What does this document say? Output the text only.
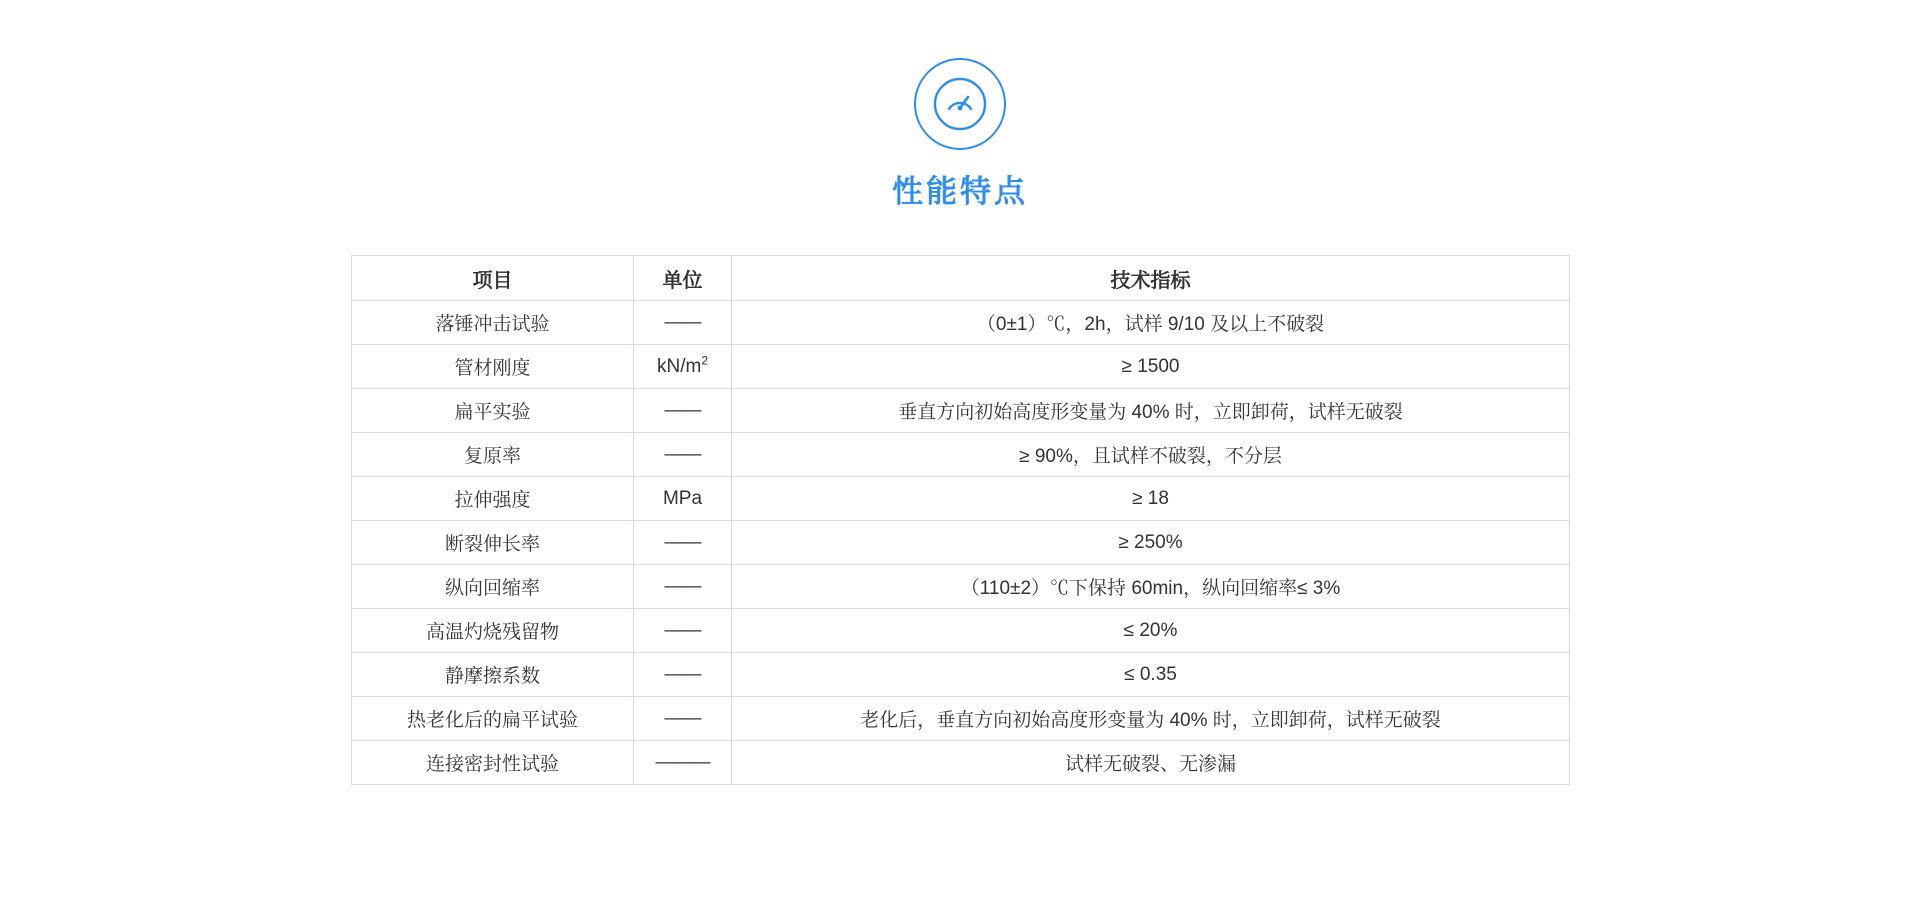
性能特点
项目	单位	技术指标
落锤冲击试验	——	（0±1）℃，2h，试样 9/10 及以上不破裂
管材刚度	$kN/m^2$	≥ 1500
扁平实验	——	垂直方向初始高度形变量为 40% 时，立即卸荷，试样无破裂
复原率	——	≥ 90%，且试样不破裂，不分层
拉伸强度	MPa	≥ 18
断裂伸长率	——	≥ 250%
纵向回缩率	——	（110±2）℃下保持 60min，纵向回缩率≤ 3%
高温灼烧残留物	——	≤ 20%
静摩擦系数	——	≤ 0.35
热老化后的扁平试验	——	老化后，垂直方向初始高度形变量为 40% 时，立即卸荷，试样无破裂
连接密封性试验	———	试样无破裂、无渗漏
